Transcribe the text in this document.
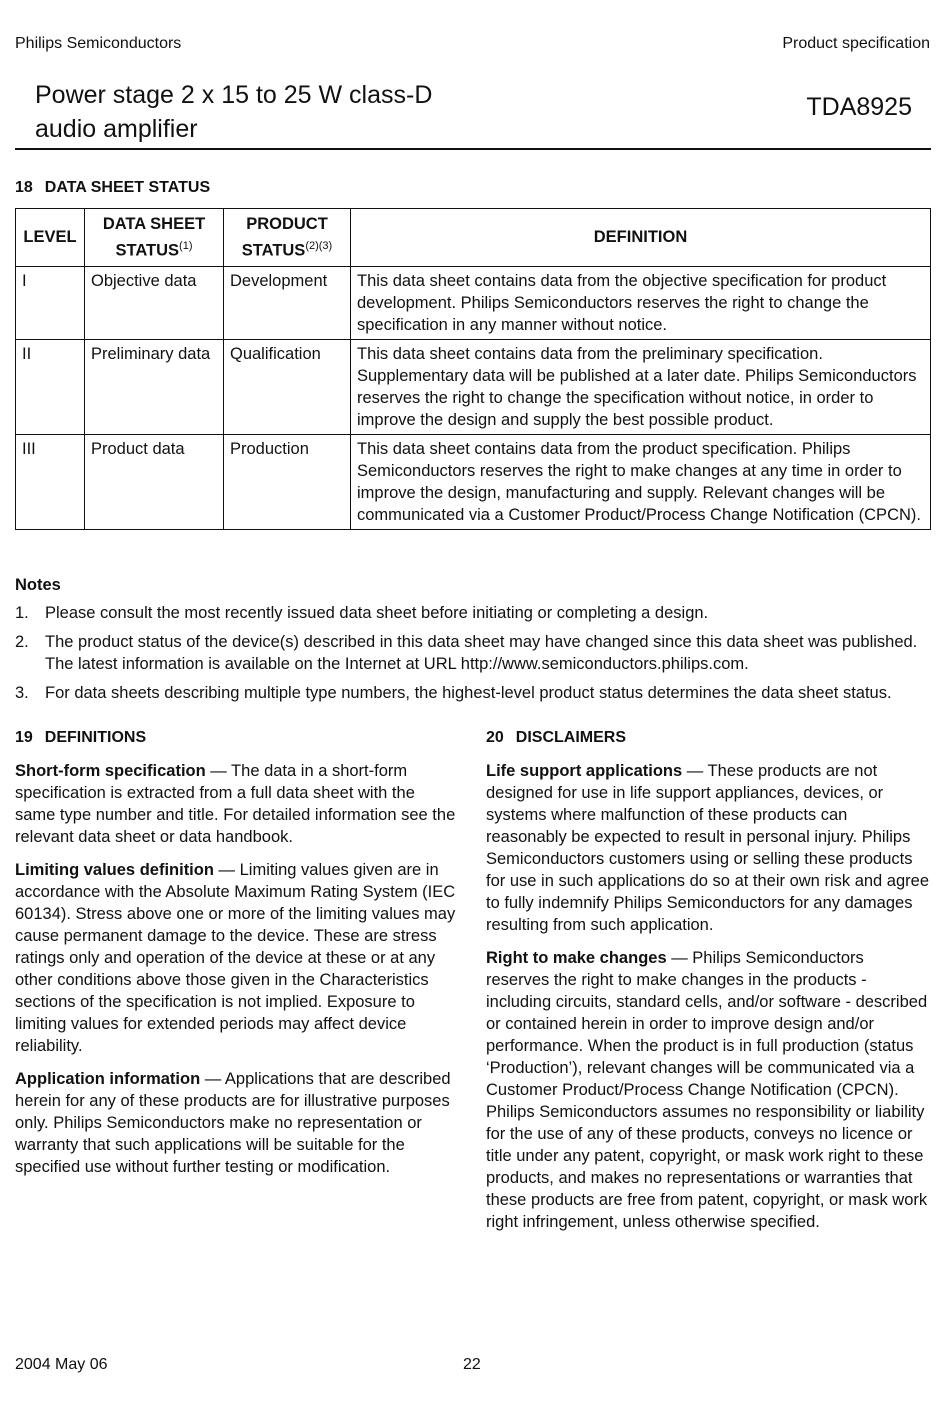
Philips Semiconductors	Product specification
Power stage 2 x 15 to 25 W class-D
audio amplifier
TDA8925
18 DATA SHEET STATUS
LEVEL	DATA SHEET STATUS$^{(1)}$	PRODUCT $STATUS^{(2)(3)}$	DEFINITION
I	Objective data	Development	This data sheet contains data from the objective specification for product development. Philips Semiconductors reserves the right to change the specification in any manner without notice.
II	Preliminary data	Qualification	This data sheet contains data from the preliminary specification. Supplementary data will be published at a later date. Philips Semiconductors reserves the right to change the specification without notice, in order to improve the design and supply the best possible product.
III	Product data	Production	This data sheet contains data from the product specification. Philips Semiconductors reserves the right to make changes at any time in order to improve the design, manufacturing and supply. Relevant changes will be communicated via a Customer Product/Process Change Notification (CPCN).
Notes
1. Please consult the most recently issued data sheet before initiating or completing a design.
2. The product status of the device(s) described in this data sheet may have changed since this data sheet was published. The latest information is available on the Internet at URL http://www.semiconductors.philips.com.
3. For data sheets describing multiple type numbers, the highest-level product status determines the data sheet status.
19 DEFINITIONS

Short-form specification — The data in a short-form specification is extracted from a full data sheet with the same type number and title. For detailed information see the relevant data sheet or data handbook.

Limiting values definition — Limiting values given are in accordance with the Absolute Maximum Rating System (IEC 60134). Stress above one or more of the limiting values may cause permanent damage to the device. These are stress ratings only and operation of the device at these or at any other conditions above those given in the Characteristics sections of the specification is not implied. Exposure to limiting values for extended periods may affect device reliability.

Application information — Applications that are described herein for any of these products are for illustrative purposes only. Philips Semiconductors make no representation or warranty that such applications will be suitable for the specified use without further testing or modification.

20 DISCLAIMERS

Life support applications — These products are not designed for use in life support appliances, devices, or systems where malfunction of these products can reasonably be expected to result in personal injury. Philips Semiconductors customers using or selling these products for use in such applications do so at their own risk and agree to fully indemnify Philips Semiconductors for any damages resulting from such application.

Right to make changes — Philips Semiconductors reserves the right to make changes in the products - including circuits, standard cells, and/or software - described or contained herein in order to improve design and/or performance. When the product is in full production (status ‘Production’), relevant changes will be communicated via a Customer Product/Process Change Notification (CPCN). Philips Semiconductors assumes no responsibility or liability for the use of any of these products, conveys no licence or title under any patent, copyright, or mask work right to these products, and makes no representations or warranties that these products are free from patent, copyright, or mask work right infringement, unless otherwise specified.

2004 May 06	22
